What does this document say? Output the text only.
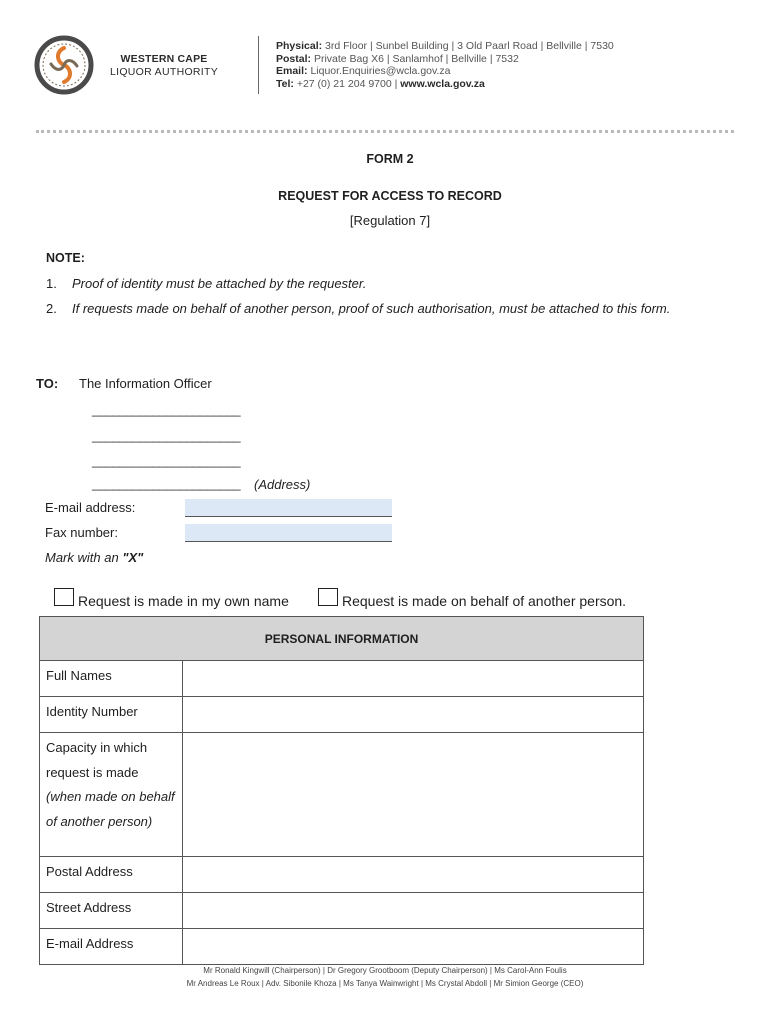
WESTERN CAPE
LIQUOR AUTHORITY
Physical: 3rd Floor | Sunbel Building | 3 Old Paarl Road | Bellville | 7530
Postal: Private Bag X6 | Sanlamhof | Bellville | 7532
Email: Liquor.Enquiries@wcla.gov.za
Tel: +27 (0) 21 204 9700 | www.wcla.gov.za
FORM 2
REQUEST FOR ACCESS TO RECORD
[Regulation 7]
NOTE:
1. Proof of identity must be attached by the requester.
2. If requests made on behalf of another person, proof of such authorisation, must be attached to this form.
TO: The Information Officer
______________________
______________________
______________________
______________________ (Address)
E-mail address:
Fax number:
Mark with an "X"
Request is made in my own name	Request is made on behalf of another person.
PERSONAL INFORMATION	
Full Names	
Identity Number	
Capacity in which request is made
(when made on behalf of another person)	
Postal Address	
Street Address	
E-mail Address	
Mr Ronald Kingwill (Chairperson) | Dr Gregory Grootboom (Deputy Chairperson) | Ms Carol-Ann Foulis
Mr Andreas Le Roux | Adv. Sibonile Khoza | Ms Tanya Wainwright | Ms Crystal Abdoll | Mr Simion George (CEO)
